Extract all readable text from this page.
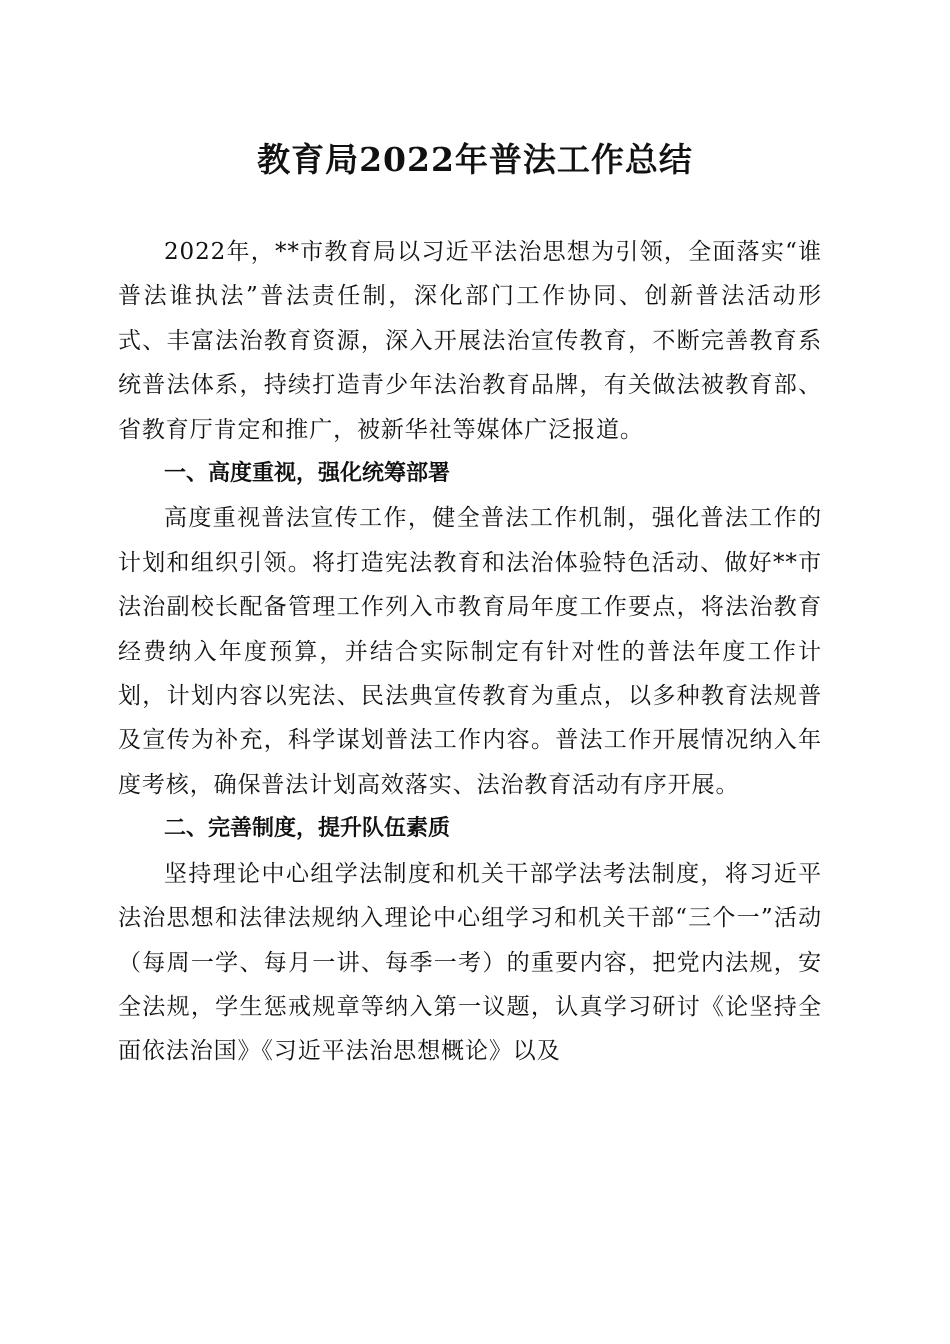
教育局2022年普法工作总结

2022年，**市教育局以习近平法治思想为引领，全面落实“谁普法谁执法”普法责任制，深化部门工作协同、创新普法活动形式、丰富法治教育资源，深入开展法治宣传教育，不断完善教育系统普法体系，持续打造青少年法治教育品牌，有关做法被教育部、省教育厅肯定和推广，被新华社等媒体广泛报道。

一、高度重视，强化统筹部署

高度重视普法宣传工作，健全普法工作机制，强化普法工作的计划和组织引领。将打造宪法教育和法治体验特色活动、做好**市法治副校长配备管理工作列入市教育局年度工作要点，将法治教育经费纳入年度预算，并结合实际制定有针对性的普法年度工作计划，计划内容以宪法、民法典宣传教育为重点，以多种教育法规普及宣传为补充，科学谋划普法工作内容。普法工作开展情况纳入年度考核，确保普法计划高效落实、法治教育活动有序开展。

二、完善制度，提升队伍素质

坚持理论中心组学法制度和机关干部学法考法制度，将习近平法治思想和法律法规纳入理论中心组学习和机关干部“三个一”活动（每周一学、每月一讲、每季一考）的重要内容，把党内法规，安全法规，学生惩戒规章等纳入第一议题，认真学习研讨《论坚持全面依法治国》《习近平法治思想概论》以及
